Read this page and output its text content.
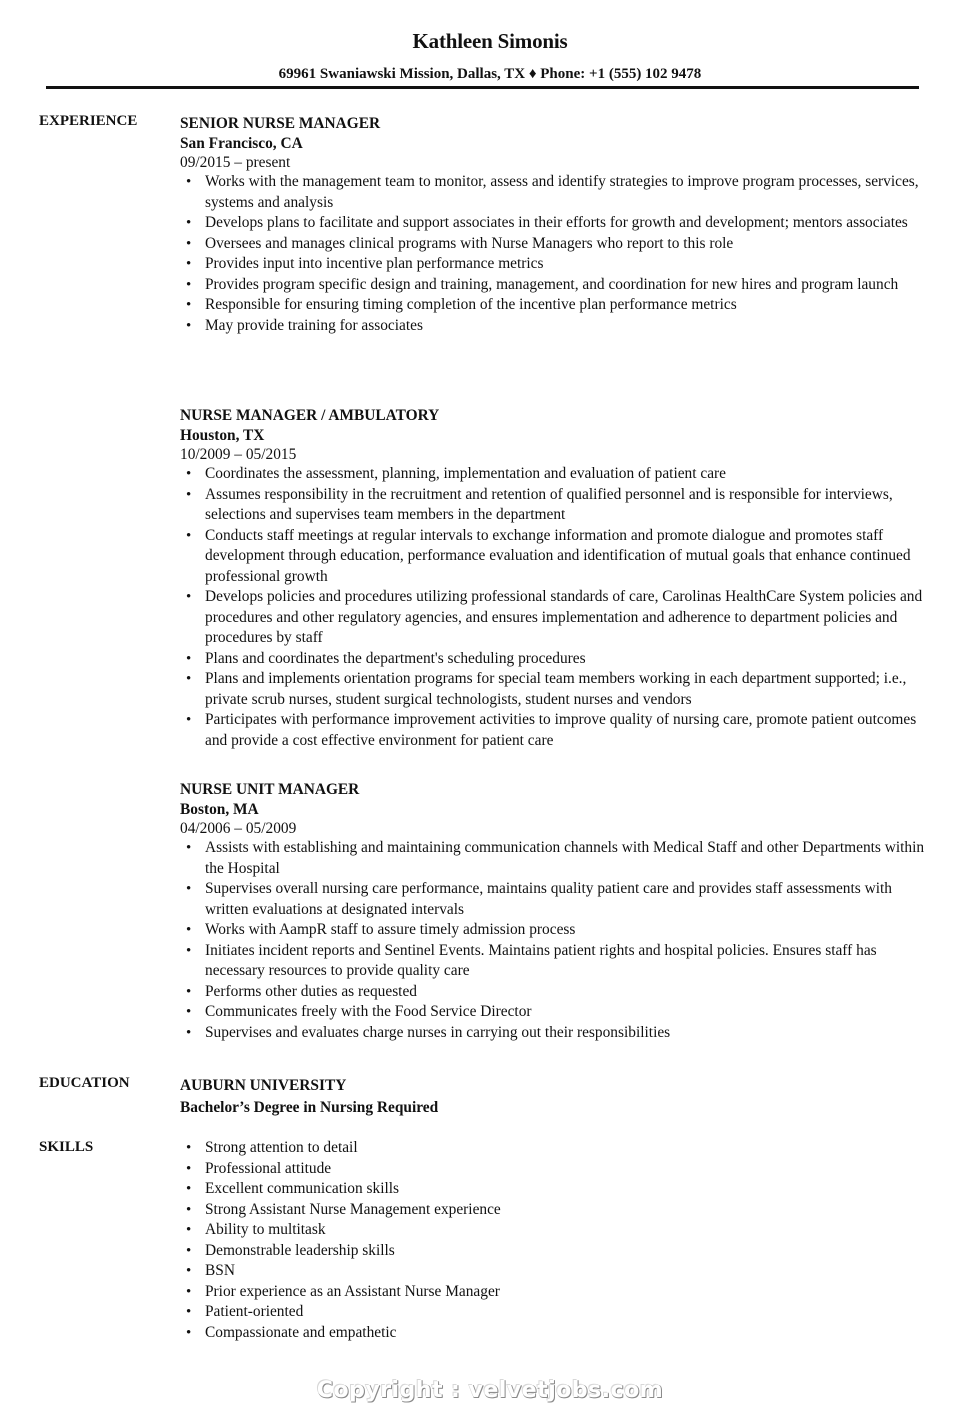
Kathleen Simonis
69961 Swaniawski Mission, Dallas, TX ♦ Phone: +1 (555) 102 9478
EXPERIENCE	SENIOR NURSE MANAGER
San Francisco, CA
09/2015 – present
• Works with the management team to monitor, assess and identify strategies to improve program processes, services, systems and analysis
• Develops plans to facilitate and support associates in their efforts for growth and development; mentors associates
• Oversees and manages clinical programs with Nurse Managers who report to this role
• Provides input into incentive plan performance metrics
• Provides program specific design and training, management, and coordination for new hires and program launch
• Responsible for ensuring timing completion of the incentive plan performance metrics
• May provide training for associates
NURSE MANAGER / AMBULATORY
Houston, TX
10/2009 – 05/2015
• Coordinates the assessment, planning, implementation and evaluation of patient care
• Assumes responsibility in the recruitment and retention of qualified personnel and is responsible for interviews, selections and supervises team members in the department
• Conducts staff meetings at regular intervals to exchange information and promote dialogue and promotes staff development through education, performance evaluation and identification of mutual goals that enhance continued professional growth
• Develops policies and procedures utilizing professional standards of care, Carolinas HealthCare System policies and procedures and other regulatory agencies, and ensures implementation and adherence to department policies and procedures by staff
• Plans and coordinates the department's scheduling procedures
• Plans and implements orientation programs for special team members working in each department supported; i.e., private scrub nurses, student surgical technologists, student nurses and vendors
• Participates with performance improvement activities to improve quality of nursing care, promote patient outcomes and provide a cost effective environment for patient care
NURSE UNIT MANAGER
Boston, MA
04/2006 – 05/2009
• Assists with establishing and maintaining communication channels with Medical Staff and other Departments within the Hospital
• Supervises overall nursing care performance, maintains quality patient care and provides staff assessments with written evaluations at designated intervals
• Works with AampR staff to assure timely admission process
• Initiates incident reports and Sentinel Events. Maintains patient rights and hospital policies. Ensures staff has necessary resources to provide quality care
• Performs other duties as requested
• Communicates freely with the Food Service Director
• Supervises and evaluates charge nurses in carrying out their responsibilities
EDUCATION	AUBURN UNIVERSITY
Bachelor’s Degree in Nursing Required
SKILLS	• Strong attention to detail
• Professional attitude
• Excellent communication skills
• Strong Assistant Nurse Management experience
• Ability to multitask
• Demonstrable leadership skills
• BSN
• Prior experience as an Assistant Nurse Manager
• Patient-oriented
• Compassionate and empathetic
Copyright : velvetjobs.com
